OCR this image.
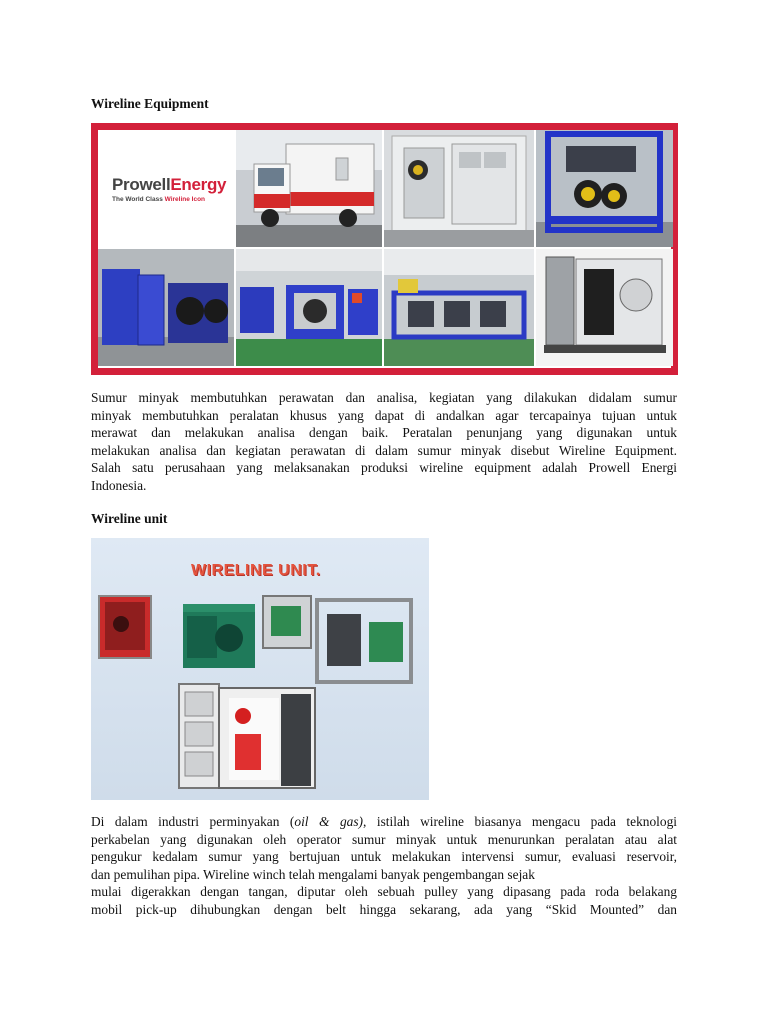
Wireline Equipment
ProwellEnergy
The World Class Wireline Icon
Sumur minyak membutuhkan perawatan dan analisa, kegiatan yang dilakukan didalam sumur
minyak membutuhkan peralatan khusus yang dapat di andalkan agar tercapainya tujuan untuk
merawat dan melakukan analisa dengan baik. Peratalan penunjang yang digunakan untuk
melakukan analisa dan kegiatan perawatan di dalam sumur minyak disebut Wireline Equipment.
Salah satu perusahaan yang melaksanakan produksi wireline equipment adalah Prowell Energi
Indonesia.
Wireline unit
WIRELINE UNIT.
Di dalam industri perminyakan (oil & gas), istilah wireline biasanya mengacu pada teknologi
perkabelan yang digunakan oleh operator sumur minyak untuk menurunkan peralatan atau alat
pengukur kedalam sumur yang bertujuan untuk melakukan intervensi sumur, evaluasi reservoir,
dan pemulihan pipa. Wireline winch telah mengalami banyak pengembangan sejak
mulai digerakkan dengan tangan, diputar oleh sebuah pulley yang dipasang pada roda belakang
mobil pick-up dihubungkan dengan belt hingga sekarang, ada yang “Skid Mounted” dan
